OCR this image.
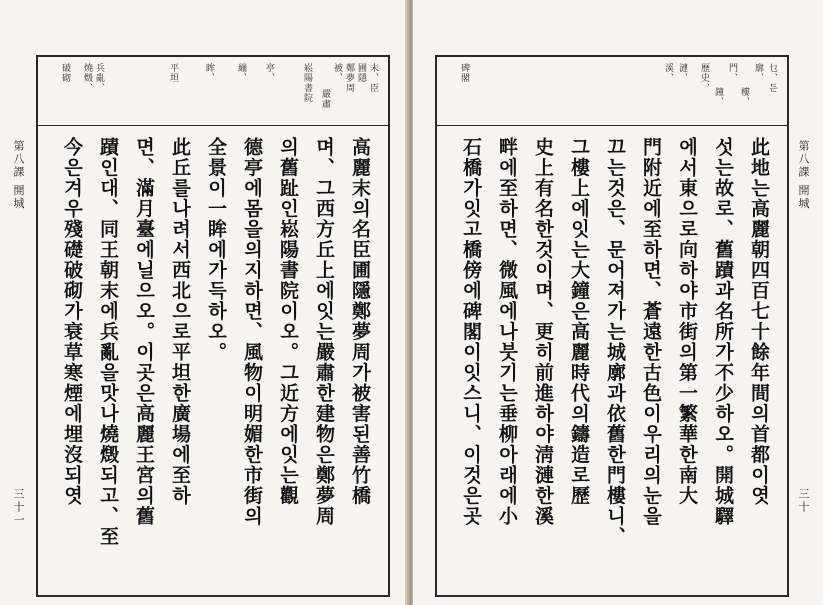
第八課 開城
三十一
末、臣
圃隱
鄭夢周
被、
嚴肅
崧陽書院
亭、
繃、
眸、
平坦
兵亂、
燒燬、
破砌
高麗末의名臣圃隱鄭夢周가被害된善竹橋
며、그西方丘上에잇는嚴肅한建物은鄭夢周
의舊趾인崧陽書院이오。그近方에잇는觀
德亭에몸을의지하면、風物이明媚한市街의
全景이一眸에가득하오。
此丘를나려서西北으로平坦한廣場에至하
면、滿月臺에닐으오。이곳은高麗王宮의舊
蹟인대、同王朝末에兵亂을맛나燒燬되고、至
今은겨우殘礎破砌가衰草寒煙에埋沒되엿
乜、든
廓、
樓、
門、
鐘、
歷史、
漣、
溪、
碑閣
此地는高麗朝四百七十餘年間의首都이엿
섯는故로、舊蹟과名所가不少하오。開城驛
에서東으로向하야市街의第一繁華한南大
門附近에至하면、蒼遠한古色이우리의눈을
끄는것은、문어져가는城廓과依舊한門樓니、
그樓上에잇는大鐘은高麗時代의鑄造로歷
史上有名한것이며、更히前進하야淸漣한溪
畔에至하면、微風에나붓기는垂柳아래에小
石橋가잇고橋傍에碑閣이잇스니、이것은곳	第八課 開城
三十
